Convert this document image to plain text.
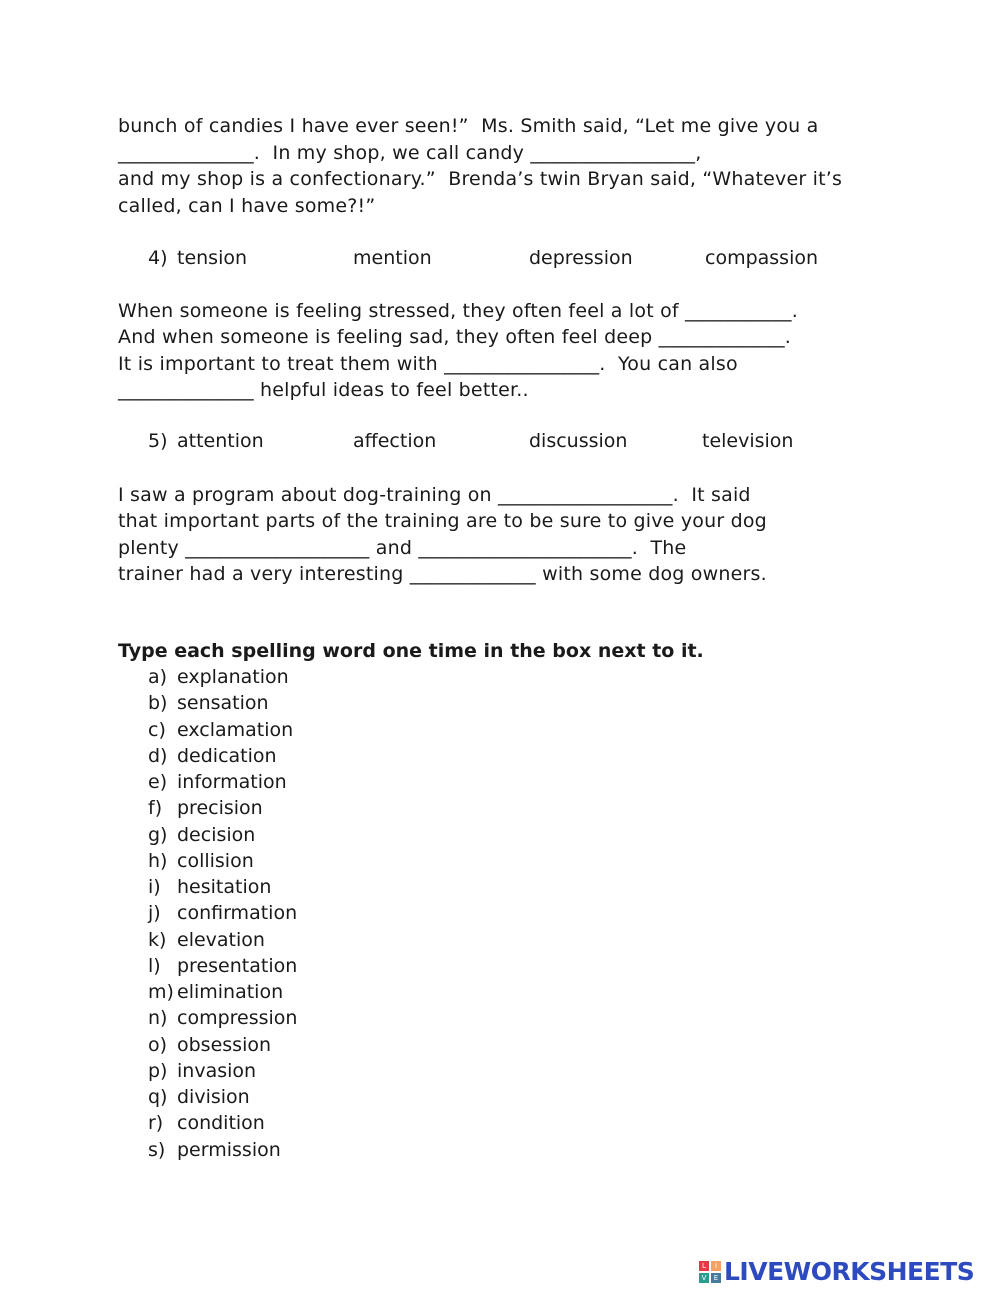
bunch of candies I have ever seen!”  Ms. Smith said, “Let me give you a
______________.  In my shop, we call candy _________________,
and my shop is a confectionary.”  Brenda’s twin Bryan said, “Whatever it’s
called, can I have some?!”
4) tension	mention	depression	compassion
When someone is feeling stressed, they often feel a lot of ___________.
And when someone is feeling sad, they often feel deep _____________.
It is important to treat them with ________________.  You can also
______________ helpful ideas to feel better..
5) attention	affection	discussion	television
I saw a program about dog-training on __________________.  It said
that important parts of the training are to be sure to give your dog
plenty ___________________ and ______________________.  The
trainer had a very interesting _____________ with some dog owners.
Type each spelling word one time in the box next to it.
a) explanation
b) sensation
c) exclamation
d) dedication
e) information
f) precision
g) decision
h) collision
i) hesitation
j) confirmation
k) elevation
l) presentation
m) elimination
n) compression
o) obsession
p) invasion
q) division
r) condition
s) permission
L	I
V	E LIVEWORKSHEETS
